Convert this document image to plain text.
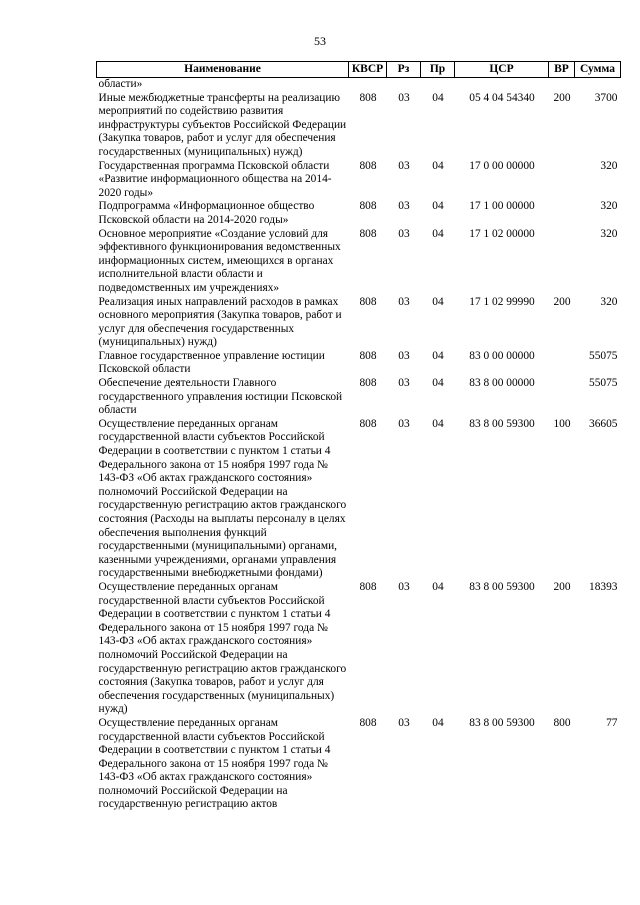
53
Наименование	КВСР	Рз	Пр	ЦСР	ВР	Сумма
области»						
Иные межбюджетные трансферты на реализацию мероприятий по содействию развития инфраструктуры субъектов Российской Федерации (Закупка товаров, работ и услуг для обеспечения государственных (муниципальных) нужд)	808	03	04	05 4 04 54340	200	3700
Государственная программа Псковской области «Развитие информационного общества на 2014-2020 годы»	808	03	04	17 0 00 00000		320
Подпрограмма «Информационное общество Псковской области на 2014-2020 годы»	808	03	04	17 1 00 00000		320
Основное мероприятие «Создание условий для эффективного функционирования ведомственных информационных систем, имеющихся в органах исполнительной власти области и подведомственных им учреждениях»	808	03	04	17 1 02 00000		320
Реализация иных направлений расходов в рамках основного мероприятия (Закупка товаров, работ и услуг для обеспечения государственных (муниципальных) нужд)	808	03	04	17 1 02 99990	200	320
Главное государственное управление юстиции Псковской области	808	03	04	83 0 00 00000		55075
Обеспечение деятельности Главного государственного управления юстиции Псковской области	808	03	04	83 8 00 00000		55075
Осуществление переданных органам государственной власти субъектов Российской Федерации в соответствии с пунктом 1 статьи 4 Федерального закона от 15 ноября 1997 года № 143-ФЗ «Об актах гражданского состояния» полномочий Российской Федерации на государственную регистрацию актов гражданского состояния (Расходы на выплаты персоналу в целях обеспечения выполнения функций государственными (муниципальными) органами, казенными учреждениями, органами управления государственными внебюджетными фондами)	808	03	04	83 8 00 59300	100	36605
Осуществление переданных органам государственной власти субъектов Российской Федерации в соответствии с пунктом 1 статьи 4 Федерального закона от 15 ноября 1997 года № 143-ФЗ «Об актах гражданского состояния» полномочий Российской Федерации на государственную регистрацию актов гражданского состояния (Закупка товаров, работ и услуг для обеспечения государственных (муниципальных) нужд)	808	03	04	83 8 00 59300	200	18393
Осуществление переданных органам государственной власти субъектов Российской Федерации в соответствии с пунктом 1 статьи 4 Федерального закона от 15 ноября 1997 года № 143-ФЗ «Об актах гражданского состояния» полномочий Российской Федерации на государственную регистрацию актов	808	03	04	83 8 00 59300	800	77
